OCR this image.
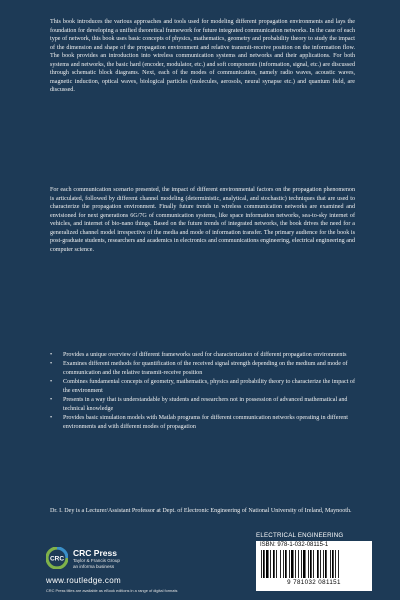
This book introduces the various approaches and tools used for modeling different propagation environments and lays the foundation for developing a unified theoretical framework for future integrated communication networks. In the case of each type of network, this book uses basic concepts of physics, mathematics, geometry and probability theory to study the impact of the dimension and shape of the propagation environment and relative transmit-receive position on the information flow. The book provides an introduction into wireless communication systems and networks and their applications. For both systems and networks, the basic hard (encoder, modulator, etc.) and soft components (information, signal, etc.) are discussed through schematic block diagrams. Next, each of the modes of communication, namely radio waves, acoustic waves, magnetic induction, optical waves, biological particles (molecules, aerosols, neural synapse etc.) and quantum field, are discussed.

For each communication scenario presented, the impact of different environmental factors on the propagation phenomenon is articulated, followed by different channel modeling (deterministic, analytical, and stochastic) techniques that are used to characterize the propagation environment. Finally future trends in wireless communication networks are examined and envisioned for next generations 6G/7G of communication systems, like space information networks, sea-to-sky internet of vehicles, and internet of bio-nano things. Based on the future trends of integrated networks, the book drives the need for a generalized channel model irrespective of the media and mode of information transfer. The primary audience for the book is post-graduate students, researchers and academics in electronics and communications engineering, electrical engineering and computer science.

• Provides a unique overview of different frameworks used for characterization of different propagation environments
• Examines different methods for quantification of the received signal strength depending on the medium and mode of communication and the relative transmit-receive position
• Combines fundamental concepts of geometry, mathematics, physics and probability theory to characterize the impact of the environment
• Presents in a way that is understandable by students and researchers not in possession of advanced mathematical and technical knowledge
• Provides basic simulation models with Matlab programs for different communication networks operating in different environments and with different modes of propagation

Dr. I. Dey is a Lecturer/Assistant Professor at Dept. of Electronic Engineering of National University of Ireland, Maynooth.

CRC
CRC Press
Taylor & Francis Group
an informa business
www.routledge.com
CRC Press titles are available as eBook editions in a range of digital formats
ELECTRICAL ENGINEERING
ISBN: 978-1-032-08115-1
9 781032 081151
